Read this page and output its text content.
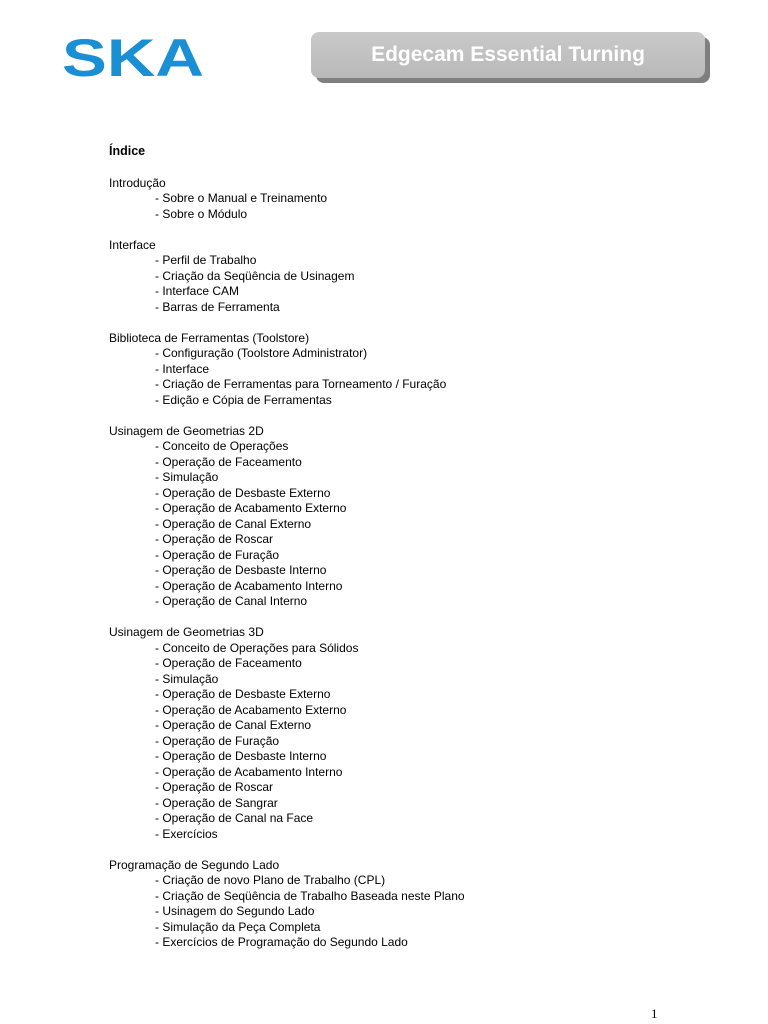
SKA	Edgecam Essential Turning
Índice
Introdução
- Sobre o Manual e Treinamento
- Sobre o Módulo
Interface
- Perfil de Trabalho
- Criação da Seqüência de Usinagem
- Interface CAM
- Barras de Ferramenta
Biblioteca de Ferramentas (Toolstore)
- Configuração (Toolstore Administrator)
- Interface
- Criação de Ferramentas para Torneamento / Furação
- Edição e Cópia de Ferramentas
Usinagem de Geometrias 2D
- Conceito de Operações
- Operação de Faceamento
- Simulação
- Operação de Desbaste Externo
- Operação de Acabamento Externo
- Operação de Canal Externo
- Operação de Roscar
- Operação de Furação
- Operação de Desbaste Interno
- Operação de Acabamento Interno
- Operação de Canal Interno
Usinagem de Geometrias 3D
- Conceito de Operações para Sólidos
- Operação de Faceamento
- Simulação
- Operação de Desbaste Externo
- Operação de Acabamento Externo
- Operação de Canal Externo
- Operação de Furação
- Operação de Desbaste Interno
- Operação de Acabamento Interno
- Operação de Roscar
- Operação de Sangrar
- Operação de Canal na Face
- Exercícios
Programação de Segundo Lado
- Criação de novo Plano de Trabalho (CPL)
- Criação de Seqüência de Trabalho Baseada neste Plano
- Usinagem do Segundo Lado
- Simulação da Peça Completa
- Exercícios de Programação do Segundo Lado
1
